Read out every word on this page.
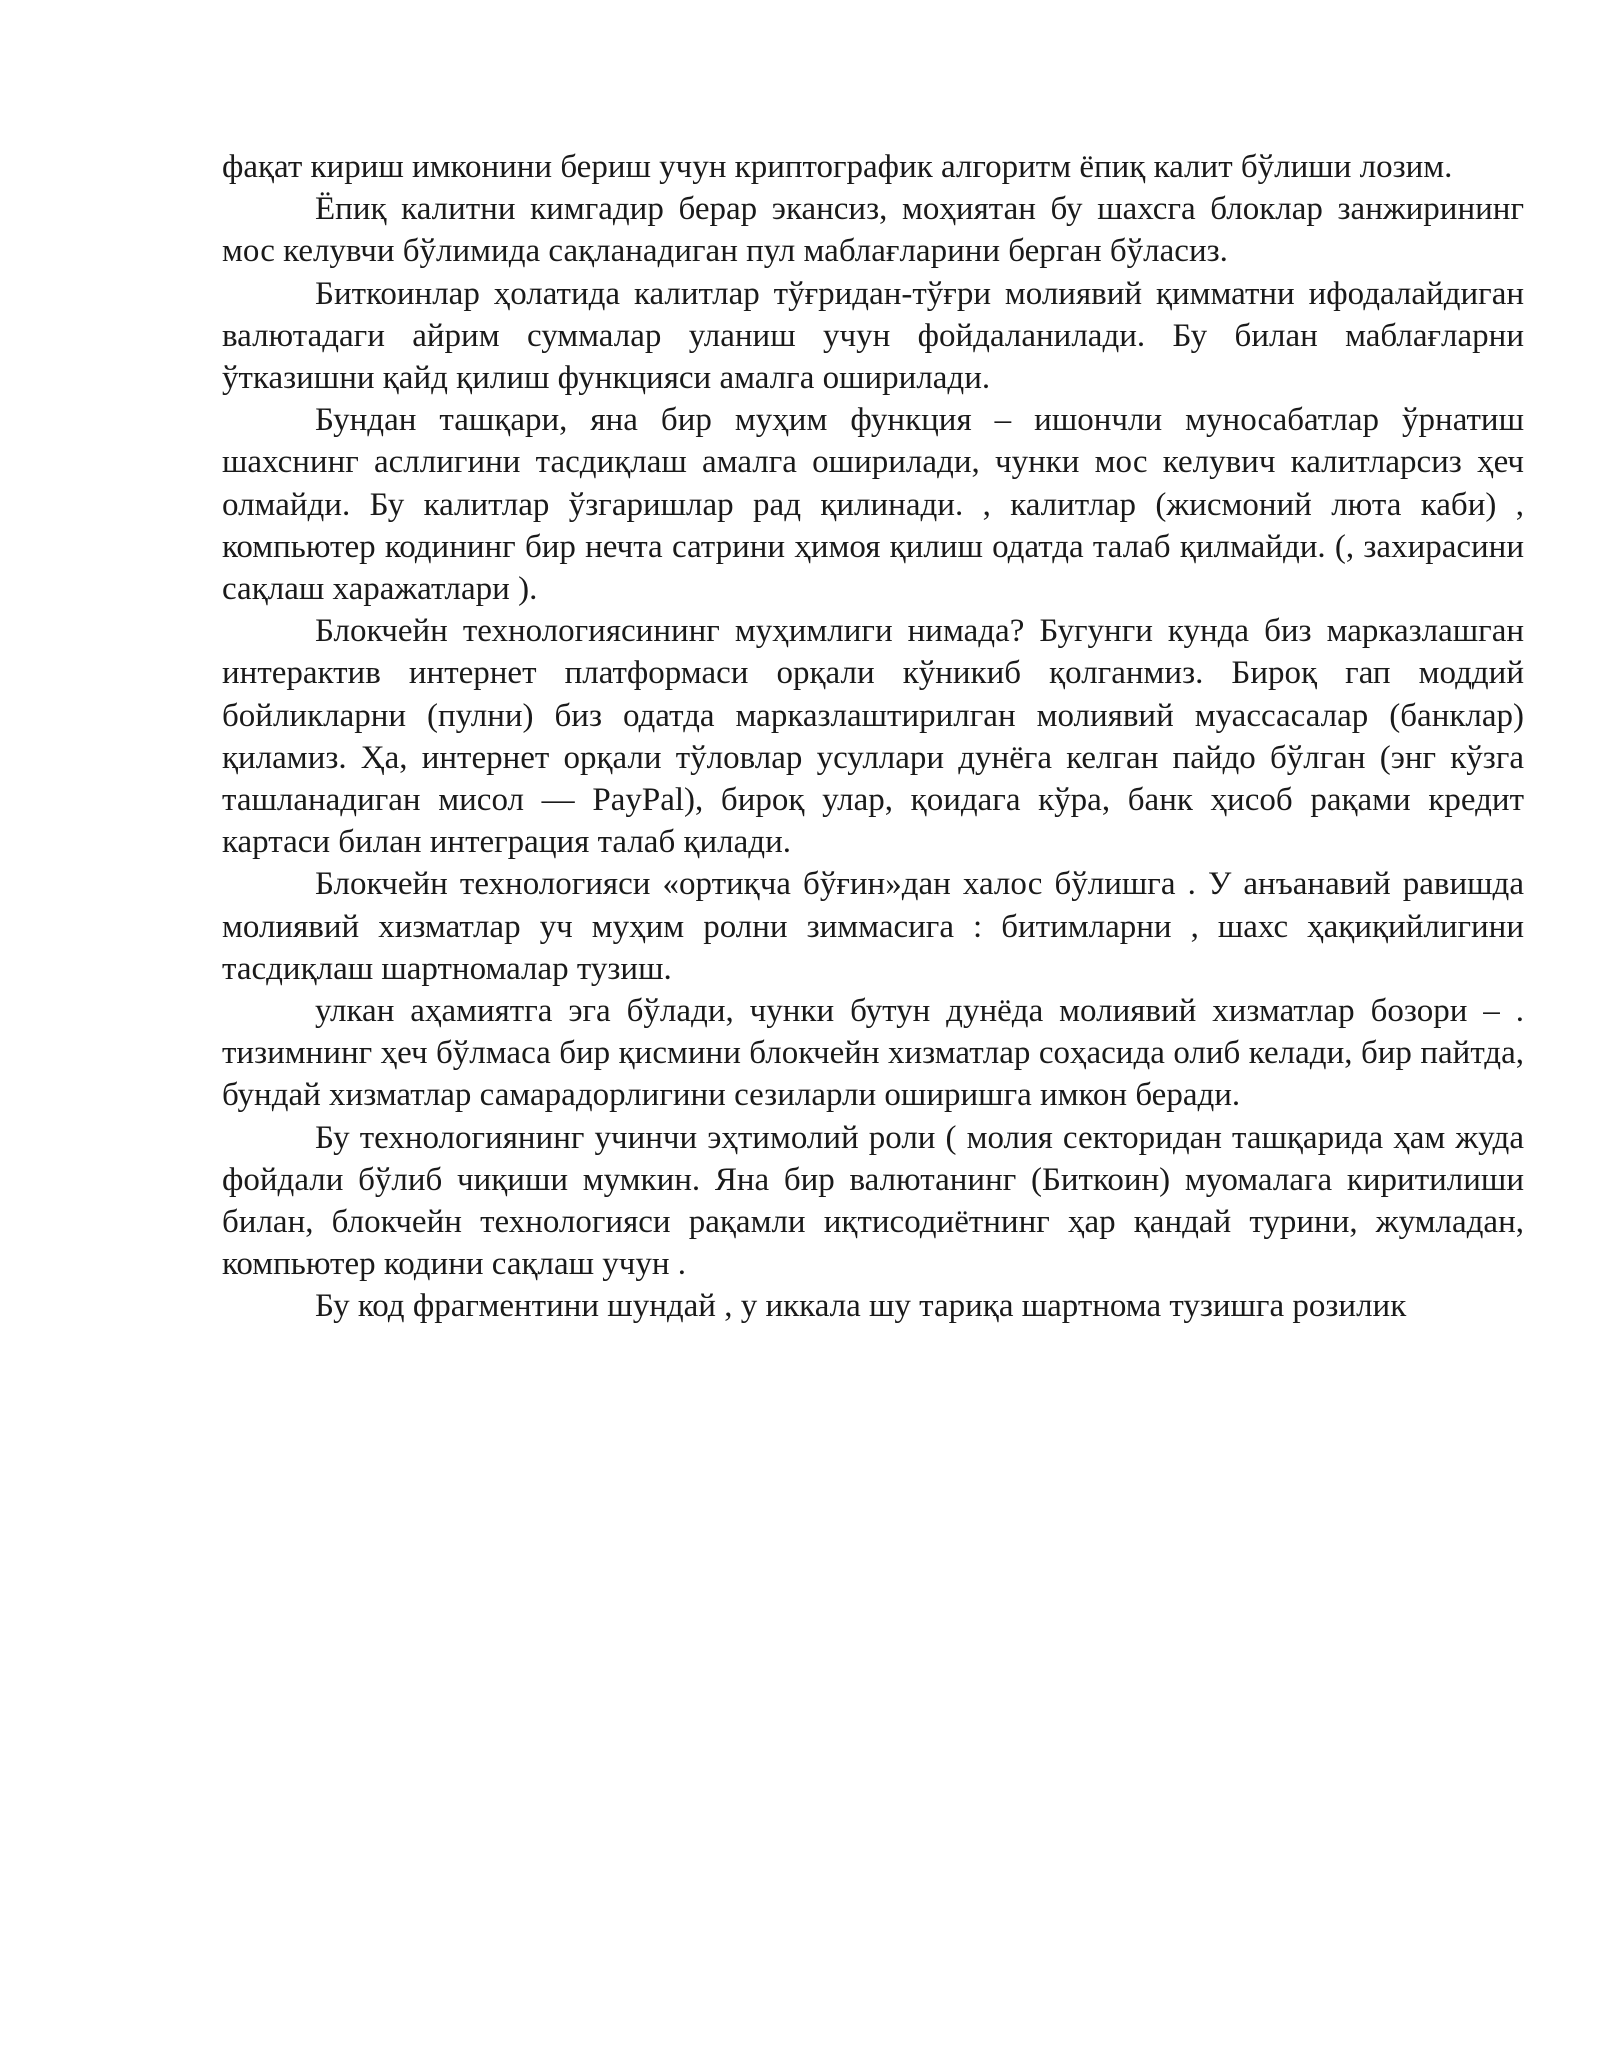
фақат кириш имконини бериш учун криптографик алгоритм ёпиқ калит бўлиши лозим.

Ёпиқ калитни кимгадир берар экансиз, моҳиятан бу шахсга блоклар занжирининг мос келувчи бўлимида сақланадиган пул маблағларини берган бўласиз.

Биткоинлар ҳолатида калитлар тўғридан-тўғри молиявий қимматни ифодалайдиган валютадаги айрим суммалар уланиш учун фойдаланилади. Бу билан маблағларни ўтказишни қайд қилиш функцияси амалга оширилади.

Бундан ташқари, яна бир муҳим функция – ишончли муносабатлар ўрнатиш шахснинг асллигини тасдиқлаш амалга оширилади, чунки мос келувич калитларсиз ҳеч олмайди. Бу калитлар ўзгаришлар рад қилинади. , калитлар (жисмоний люта каби) , компьютер кодининг бир нечта сатрини ҳимоя қилиш одатда талаб қилмайди. (, захирасини сақлаш харажатлари ).

Блокчейн технологиясининг муҳимлиги нимада? Бугунги кунда биз марказлашган интерактив интернет платформаси орқали кўникиб қолганмиз. Бироқ гап моддий бойликларни (пулни) биз одатда марказлаштирилган молиявий муассасалар (банклар) қиламиз. Ҳа, интернет орқали тўловлар усуллари дунёга келган пайдо бўлган (энг кўзга ташланадиган мисол — PayPal), бироқ улар, қоидага кўра, банк ҳисоб рақами кредит картаси билан интеграция талаб қилади.

Блокчейн технологияси «ортиқча бўғин»дан халос бўлишга . У анъанавий равишда молиявий хизматлар уч муҳим ролни зиммасига : битимларни , шахс ҳақиқийлигини тасдиқлаш шартномалар тузиш.

улкан аҳамиятга эга бўлади, чунки бутун дунёда молиявий хизматлар бозори – . тизимнинг ҳеч бўлмаса бир қисмини блокчейн хизматлар соҳасида олиб келади, бир пайтда, бундай хизматлар самарадорлигини сезиларли оширишга имкон беради.

Бу технологиянинг учинчи эҳтимолий роли ( молия секторидан ташқарида ҳам жуда фойдали бўлиб чиқиши мумкин. Яна бир валютанинг (Биткоин) муомалага киритилиши билан, блокчейн технологияси рақамли иқтисодиётнинг ҳар қандай турини, жумладан, компьютер кодини сақлаш учун .

Бу код фрагментини шундай , у иккала шу тариқа шартнома тузишга розилик
